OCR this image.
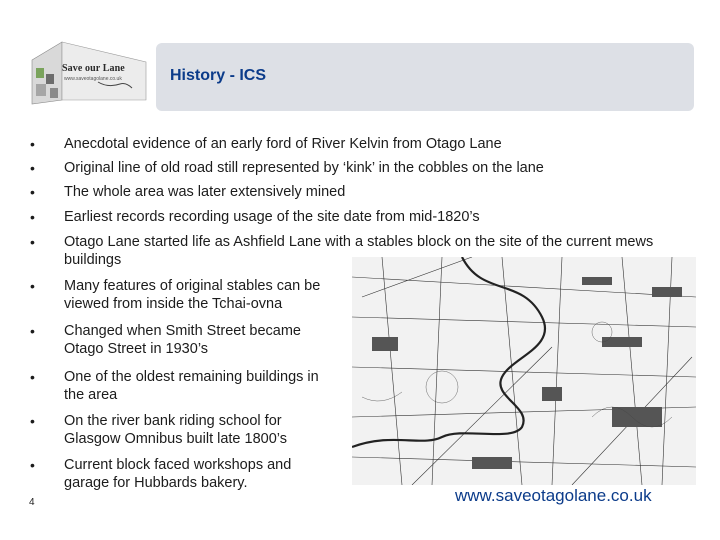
Save our Lane
www.saveotagolane.co.uk	History - ICS
•	Anecdotal evidence of an early ford of River Kelvin from Otago Lane
•	Original line of old road still represented by ‘kink’ in the cobbles on the lane
•	The whole area was later extensively mined
•	Earliest records recording usage of the site date from mid-1820’s
•	Otago Lane started life as Ashfield Lane with a stables block on the site of the current mews buildings
•	Many features of original stables can be viewed from inside the Tchai-ovna
•	Changed when Smith Street became Otago Street in 1930’s
•	One of the oldest remaining buildings in the area
•	On the river bank riding school for Glasgow Omnibus built late 1800’s
•	Current block faced workshops and garage for Hubbards bakery.
www.saveotagolane.co.uk
4
